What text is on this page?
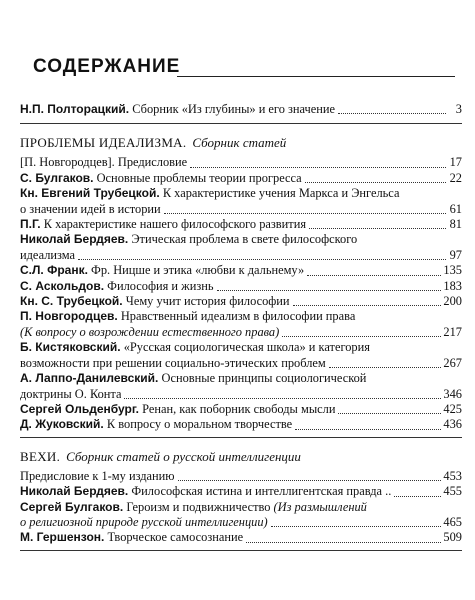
СОДЕРЖАНИЕ
Н.П. Полторацкий. Сборник «Из глубины» и его значение	3
ПРОБЛЕМЫ ИДЕАЛИЗМА. Сборник статей
[П. Новгородцев]. Предисловие	17
С. Булгаков. Основные проблемы теории прогресса	22
Кн. Евгений Трубецкой. К характеристике учения Маркса и Энгельса
о значении идей в истории	61
П.Г. К характеристике нашего философского развития	81
Николай Бердяев. Этическая проблема в свете философского
идеализма	97
С.Л. Франк. Фр. Ницше и этика «любви к дальнему»	135
С. Аскольдов. Философия и жизнь	183
Кн. С. Трубецкой. Чему учит история философии	200
П. Новгородцев. Нравственный идеализм в философии права
(К вопросу о возрождении естественного права)	217
Б. Кистяковский. «Русская социологическая школа» и категория
возможности при решении социально-этических проблем	267
А. Лаппо-Данилевский. Основные принципы социологической
доктрины О. Конта	346
Сергей Ольденбург. Ренан, как поборник свободы мысли	425
Д. Жуковский. К вопросу о моральном творчестве	436
ВЕХИ. Сборник статей о русской интеллигенции
Предисловие к 1-му изданию	453
Николай Бердяев. Философская истина и интеллигентская правда ..	455
Сергей Булгаков. Героизм и подвижничество (Из размышлений
о религиозной природе русской интеллигенции)	465
М. Гершензон. Творческое самосознание	509
